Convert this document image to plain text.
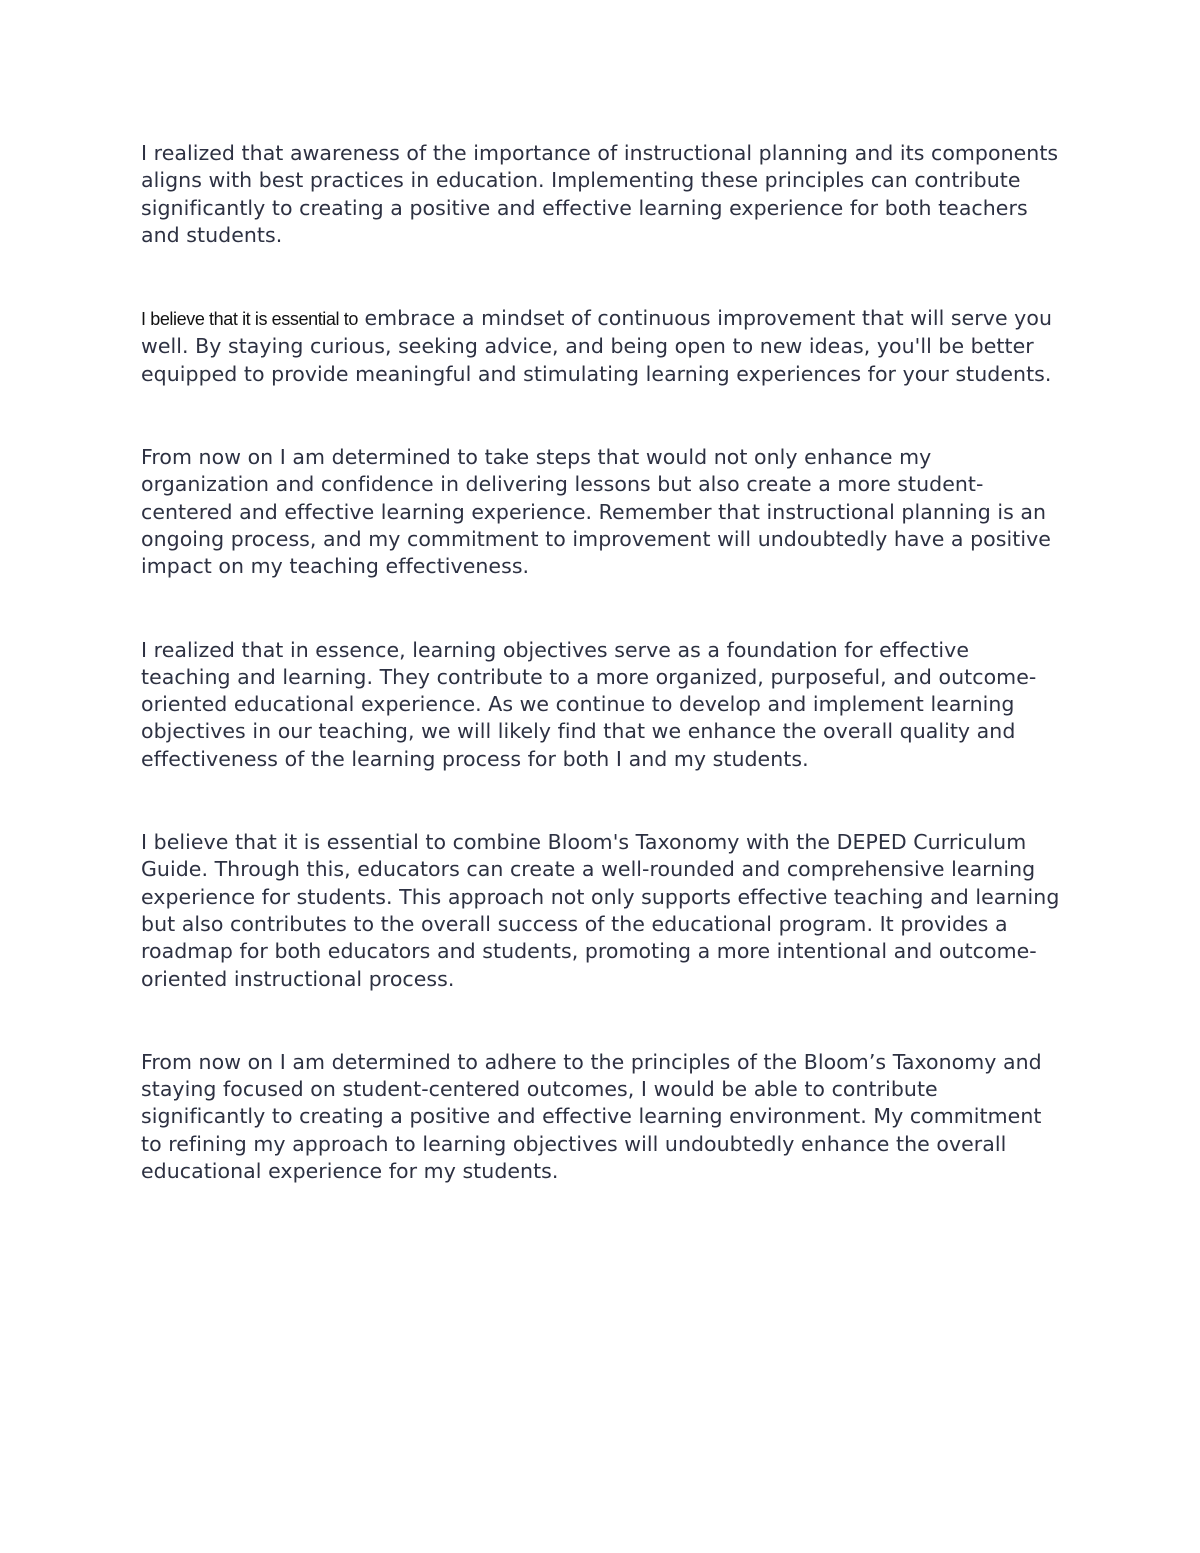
I realized that awareness of the importance of instructional planning and its components aligns with best practices in education. Implementing these principles can contribute significantly to creating a positive and effective learning experience for both teachers and students.

I believe that it is essential to embrace a mindset of continuous improvement that will serve you well. By staying curious, seeking advice, and being open to new ideas, you'll be better equipped to provide meaningful and stimulating learning experiences for your students.

From now on I am determined to take steps that would not only enhance my organization and confidence in delivering lessons but also create a more student-centered and effective learning experience. Remember that instructional planning is an ongoing process, and my commitment to improvement will undoubtedly have a positive impact on my teaching effectiveness.

I realized that in essence, learning objectives serve as a foundation for effective teaching and learning. They contribute to a more organized, purposeful, and outcome-oriented educational experience. As we continue to develop and implement learning objectives in our teaching, we will likely find that we enhance the overall quality and effectiveness of the learning process for both I and my students.

I believe that it is essential to combine Bloom's Taxonomy with the DEPED Curriculum Guide. Through this, educators can create a well-rounded and comprehensive learning experience for students. This approach not only supports effective teaching and learning but also contributes to the overall success of the educational program. It provides a roadmap for both educators and students, promoting a more intentional and outcome-oriented instructional process.

From now on I am determined to adhere to the principles of the Bloom’s Taxonomy and staying focused on student-centered outcomes, I would be able to contribute significantly to creating a positive and effective learning environment. My commitment to refining my approach to learning objectives will undoubtedly enhance the overall educational experience for my students.
